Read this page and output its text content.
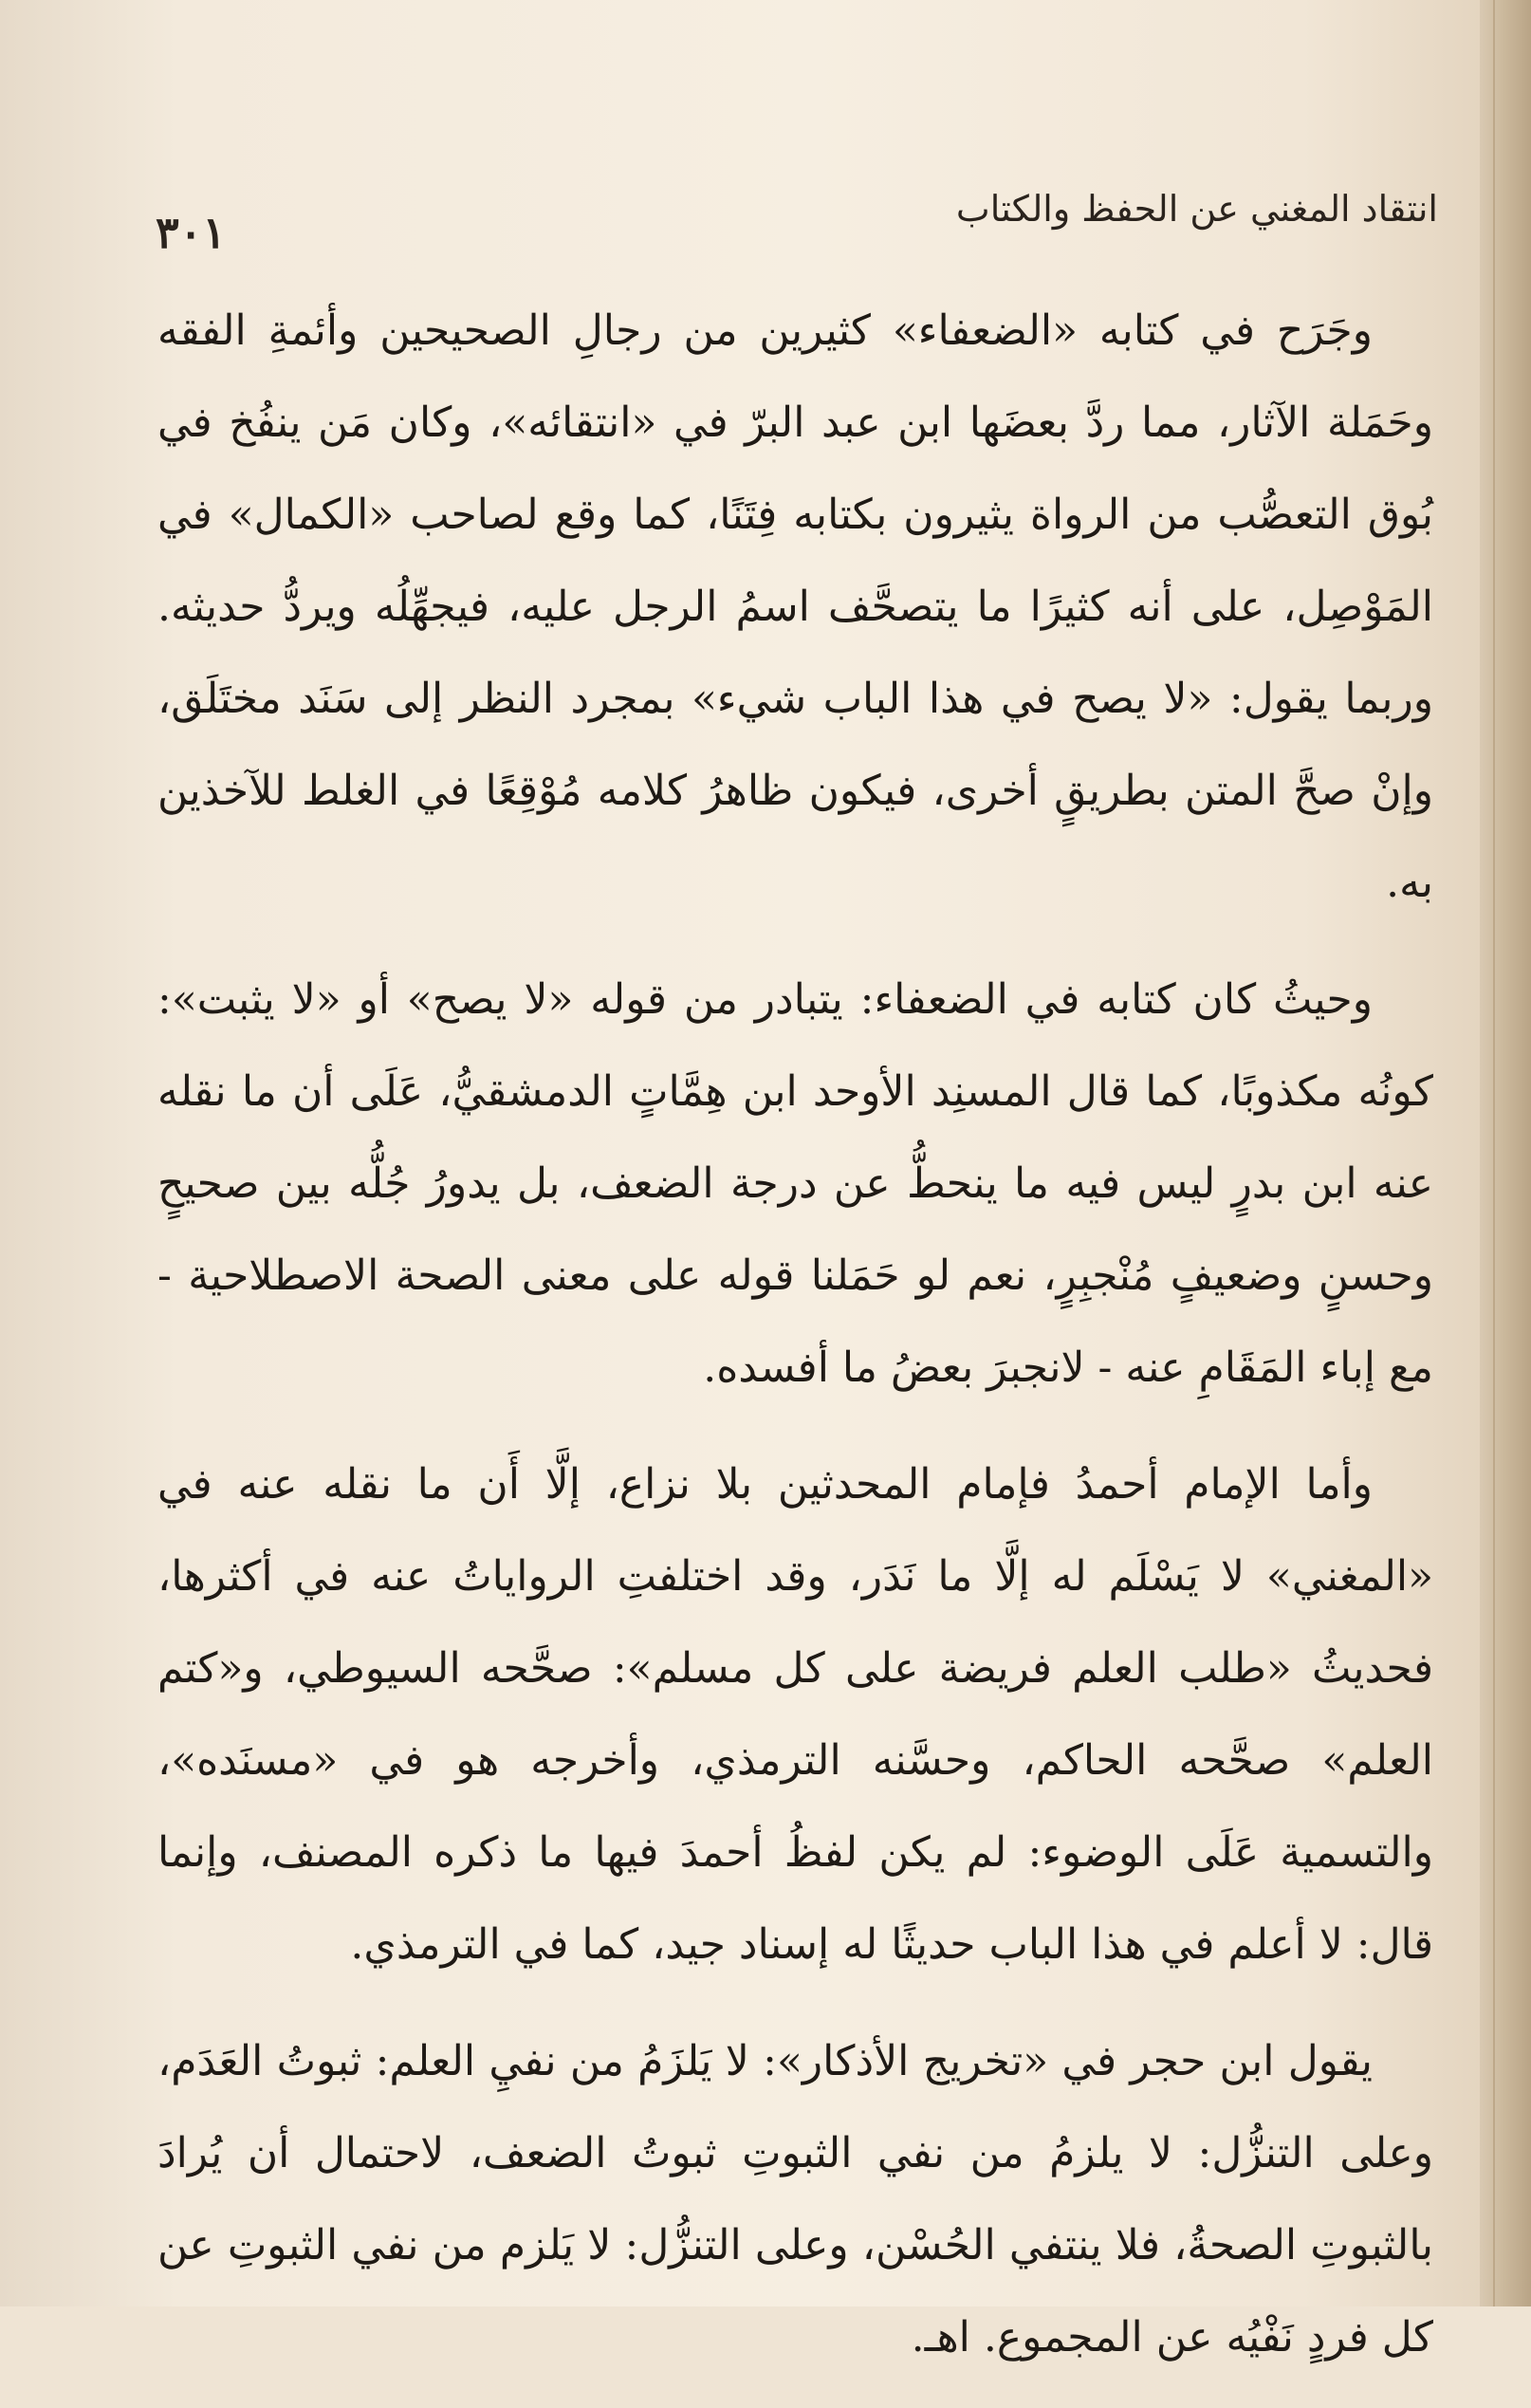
انتقاد المغني عن الحفظ والكتاب
٣٠١

وجَرَح في كتابه «الضعفاء» كثيرين من رجالِ الصحيحين وأئمةِ الفقه وحَمَلة الآثار، مما ردَّ بعضَها ابن عبد البرّ في «انتقائه»، وكان مَن ينفُخ في بُوق التعصُّب من الرواة يثيرون بكتابه فِتَنًا، كما وقع لصاحب «الكمال» في المَوْصِل، على أنه كثيرًا ما يتصحَّف اسمُ الرجل عليه، فيجهِّلُه ويردُّ حديثه. وربما يقول: «لا يصح في هذا الباب شيء» بمجرد النظر إلى سَنَد مختَلَق، وإنْ صحَّ المتن بطريقٍ أخرى، فيكون ظاهرُ كلامه مُوْقِعًا في الغلط للآخذين به.

وحيثُ كان كتابه في الضعفاء: يتبادر من قوله «لا يصح» أو «لا يثبت»: كونُه مكذوبًا، كما قال المسنِد الأوحد ابن هِمَّاتٍ الدمشقيُّ، عَلَى أن ما نقله عنه ابن بدرٍ ليس فيه ما ينحطُّ عن درجة الضعف، بل يدورُ جُلُّه بين صحيحٍ وحسنٍ وضعيفٍ مُنْجبِرٍ، نعم لو حَمَلنا قوله على معنى الصحة الاصطلاحية - مع إباء المَقَامِ عنه - لانجبرَ بعضُ ما أفسده.

وأما الإمام أحمدُ فإمام المحدثين بلا نزاع، إلَّا أَن ما نقله عنه في «المغني» لا يَسْلَم له إلَّا ما نَدَر، وقد اختلفتِ الرواياتُ عنه في أكثرها، فحديثُ «طلب العلم فريضة على كل مسلم»: صحَّحه السيوطي، و«كتم العلم» صحَّحه الحاكم، وحسَّنه الترمذي، وأخرجه هو في «مسنَده»، والتسمية عَلَى الوضوء: لم يكن لفظُ أحمدَ فيها ما ذكره المصنف، وإنما قال: لا أعلم في هذا الباب حديثًا له إسناد جيد، كما في الترمذي.

يقول ابن حجر في «تخريج الأذكار»: لا يَلزَمُ من نفيِ العلم: ثبوتُ العَدَم، وعلى التنزُّل: لا يلزمُ من نفي الثبوتِ ثبوتُ الضعف، لاحتمال أن يُرادَ بالثبوتِ الصحةُ، فلا ينتفي الحُسْن، وعلى التنزُّل: لا يَلزم من نفي الثبوتِ عن كل فردٍ نَفْيُه عن المجموع. اهـ.
